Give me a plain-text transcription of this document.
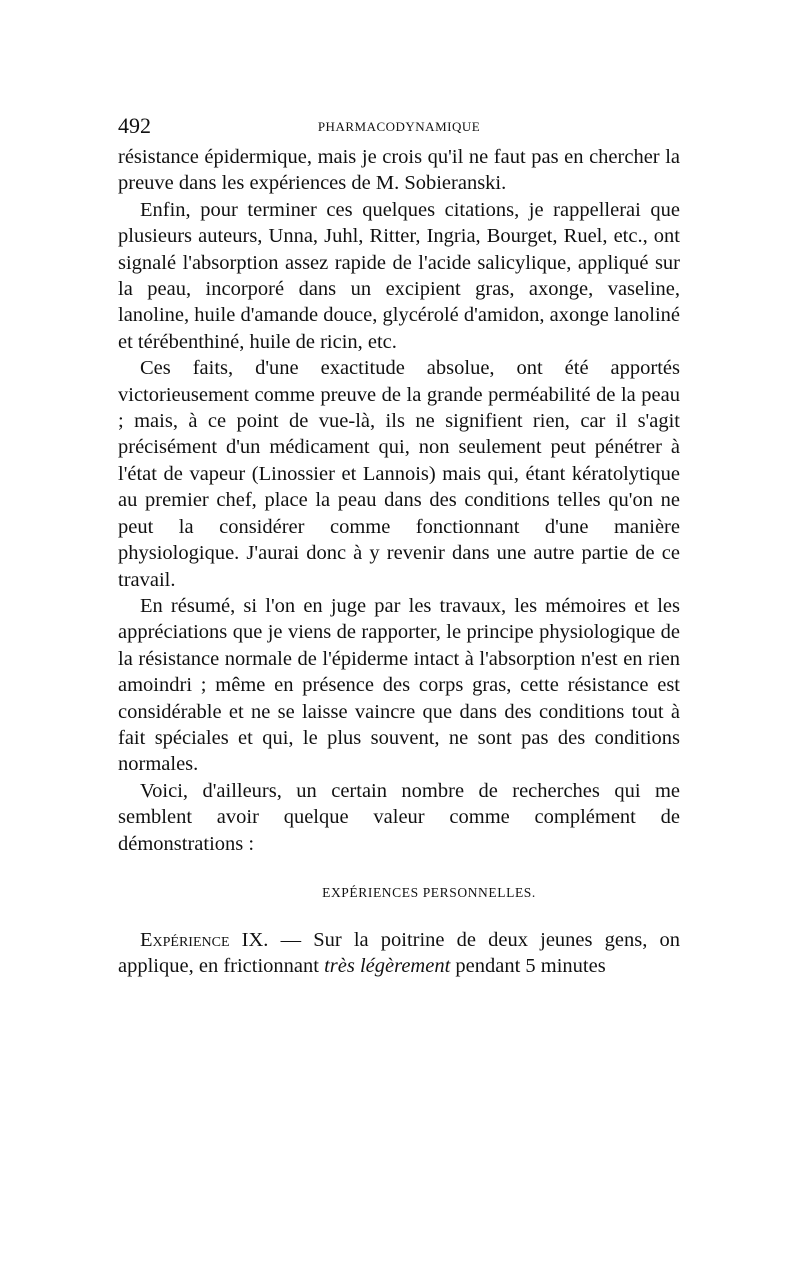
492	PHARMACODYNAMIQUE

résistance épidermique, mais je crois qu'il ne faut pas en chercher la preuve dans les expériences de M. Sobieranski.

Enfin, pour terminer ces quelques citations, je rappellerai que plusieurs auteurs, Unna, Juhl, Ritter, Ingria, Bourget, Ruel, etc., ont signalé l'absorption assez rapide de l'acide salicylique, appliqué sur la peau, incorporé dans un excipient gras, axonge, vaseline, lanoline, huile d'amande douce, glycérolé d'amidon, axonge lanoliné et térébenthiné, huile de ricin, etc.

Ces faits, d'une exactitude absolue, ont été apportés victorieusement comme preuve de la grande perméabilité de la peau ; mais, à ce point de vue-là, ils ne signifient rien, car il s'agit précisément d'un médicament qui, non seulement peut pénétrer à l'état de vapeur (Linossier et Lannois) mais qui, étant kératolytique au premier chef, place la peau dans des conditions telles qu'on ne peut la considérer comme fonctionnant d'une manière physiologique. J'aurai donc à y revenir dans une autre partie de ce travail.

En résumé, si l'on en juge par les travaux, les mémoires et les appréciations que je viens de rapporter, le principe physiologique de la résistance normale de l'épiderme intact à l'absorption n'est en rien amoindri ; même en présence des corps gras, cette résistance est considérable et ne se laisse vaincre que dans des conditions tout à fait spéciales et qui, le plus souvent, ne sont pas des conditions normales.

Voici, d'ailleurs, un certain nombre de recherches qui me semblent avoir quelque valeur comme complément de démonstrations :

EXPÉRIENCES PERSONNELLES.

Expérience IX. — Sur la poitrine de deux jeunes gens, on applique, en frictionnant très légèrement pendant 5 minutes
